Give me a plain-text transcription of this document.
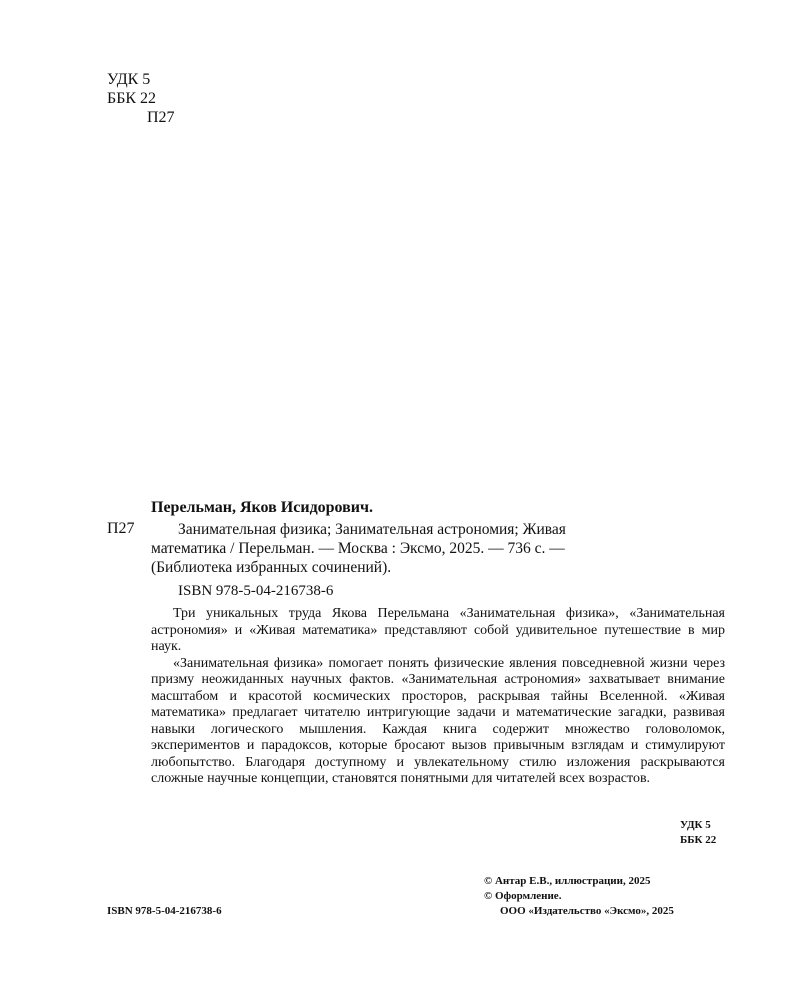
УДК 5
ББК 22
П27
Перельман, Яков Исидорович.
П27	Занимательная физика; Занимательная астрономия; Живая
математика / Перельман. — Москва : Эксмо, 2025. — 736 с. —
(Библиотека избранных сочинений).
ISBN 978-5-04-216738-6

Три уникальных труда Якова Перельмана «Занимательная физика», «Занимательная астрономия» и «Живая математика» представляют собой удивительное путешествие в мир наук.

«Занимательная физика» помогает понять физические явления повседневной жизни через призму неожиданных научных фактов. «Занимательная астрономия» захватывает внимание масштабом и красотой космических просторов, раскрывая тайны Вселенной. «Живая математика» предлагает читателю интригующие задачи и математические загадки, развивая навыки логического мышления. Каждая книга содержит множество головоломок, экспериментов и парадоксов, которые бросают вызов привычным взглядам и стимулируют любопытство. Благодаря доступному и увлекательному стилю изложения раскрываются сложные научные концепции, становятся понятными для читателей всех возрастов.

УДК 5
ББК 22
© Антар Е.В., иллюстрации, 2025
© Оформление.
ООО «Издательство «Эксмо», 2025
ISBN 978-5-04-216738-6
